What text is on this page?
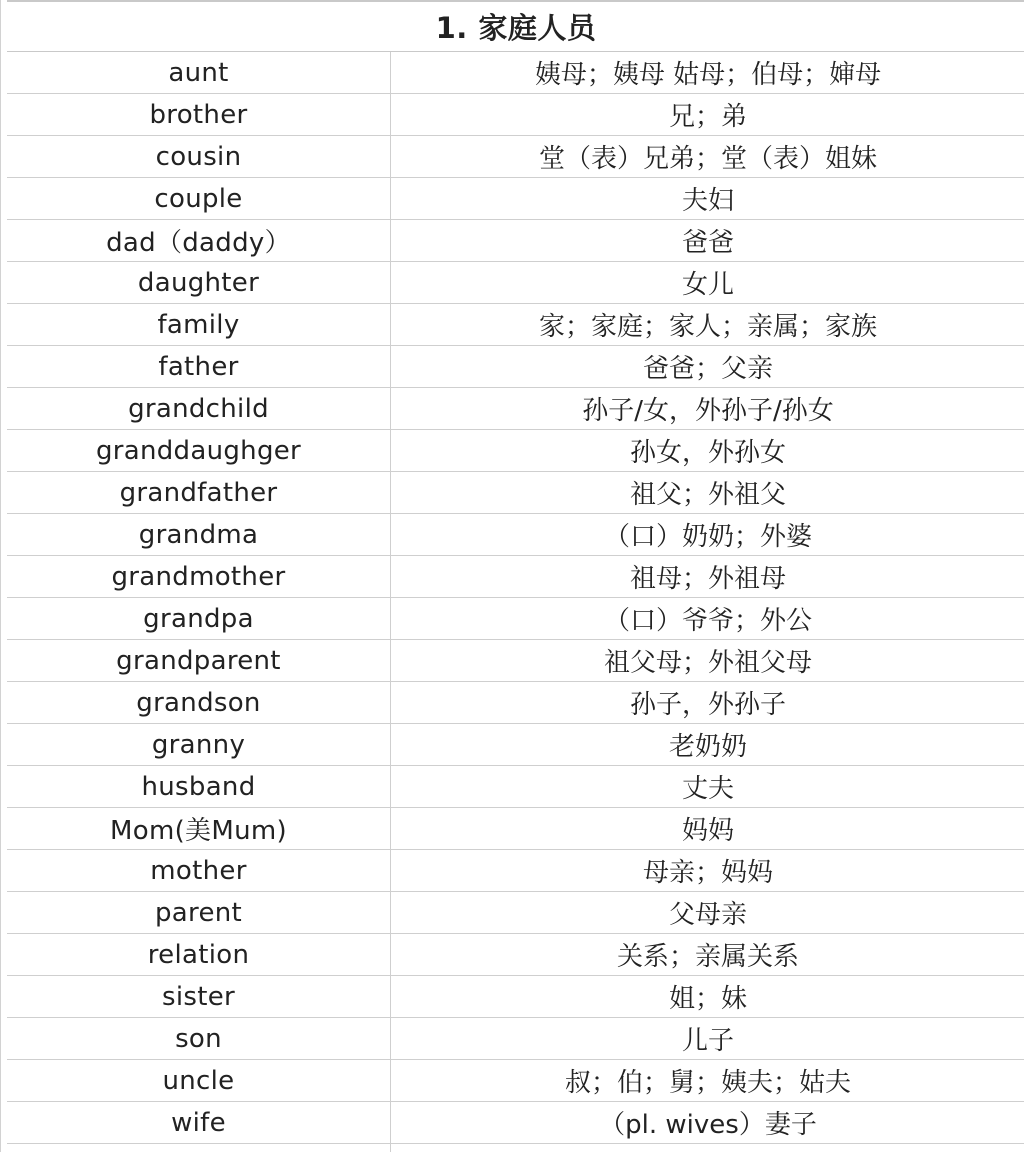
1. 家庭人员
aunt	姨母；姨母 姑母；伯母；婶母
brother	兄；弟
cousin	堂（表）兄弟；堂（表）姐妹
couple	夫妇
dad（daddy）	爸爸
daughter	女儿
family	家；家庭；家人；亲属；家族
father	爸爸；父亲
grandchild	孙子/女，外孙子/孙女
granddaughger	孙女，外孙女
grandfather	祖父；外祖父
grandma	（口）奶奶；外婆
grandmother	祖母；外祖母
grandpa	（口）爷爷；外公
grandparent	祖父母；外祖父母
grandson	孙子，外孙子
granny	老奶奶
husband	丈夫
Mom(美Mum)	妈妈
mother	母亲；妈妈
parent	父母亲
relation	关系；亲属关系
sister	姐；妹
son	儿子
uncle	叔；伯；舅；姨夫；姑夫
wife	（pl. wives）妻子
